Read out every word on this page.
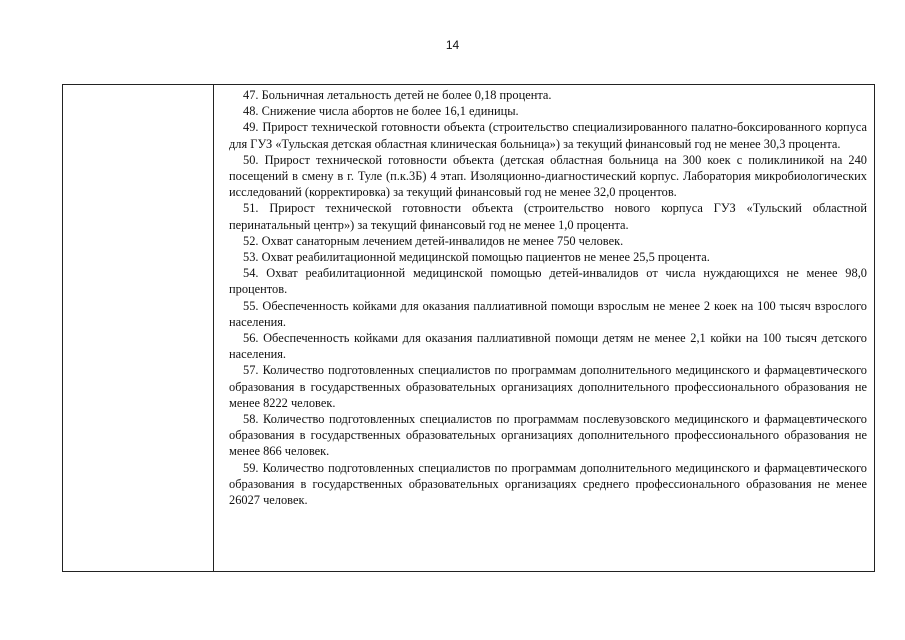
14

47. Больничная летальность детей не более 0,18 процента.

48. Снижение числа абортов не более 16,1 единицы.

49. Прирост технической готовности объекта (строительство специализированного палатно-боксированного корпуса для ГУЗ «Тульская детская областная клиническая больница») за текущий финансовый год не менее 30,3 процента.

50. Прирост технической готовности объекта (детская областная больница на 300 коек с поликлиникой на 240 посещений в смену в г. Туле (п.к.3Б) 4 этап. Изоляционно-диагностический корпус. Лаборатория микробиологических исследований (корректировка) за текущий финансовый год не менее 32,0 процентов.

51. Прирост технической готовности объекта (строительство нового корпуса ГУЗ «Тульский областной перинатальный центр») за текущий финансовый год не менее 1,0 процента.

52. Охват санаторным лечением детей-инвалидов не менее 750 человек.

53. Охват реабилитационной медицинской помощью пациентов не менее 25,5 процента.

54. Охват реабилитационной медицинской помощью детей-инвалидов от числа нуждающихся не менее 98,0 процентов.

55. Обеспеченность койками для оказания паллиативной помощи взрослым не менее 2 коек на 100 тысяч взрослого населения.

56. Обеспеченность койками для оказания паллиативной помощи детям не менее 2,1 койки на 100 тысяч детского населения.

57. Количество подготовленных специалистов по программам дополнительного медицинского и фармацевтического образования в государственных образовательных организациях дополнительного профессионального образования не менее 8222 человек.

58. Количество подготовленных специалистов по программам послевузовского медицинского и фармацевтического образования в государственных образовательных организациях дополнительного профессионального образования не менее 866 человек.

59. Количество подготовленных специалистов по программам дополнительного медицинского и фармацевтического образования в государственных образовательных организациях среднего профессионального образования не менее 26027 человек.
